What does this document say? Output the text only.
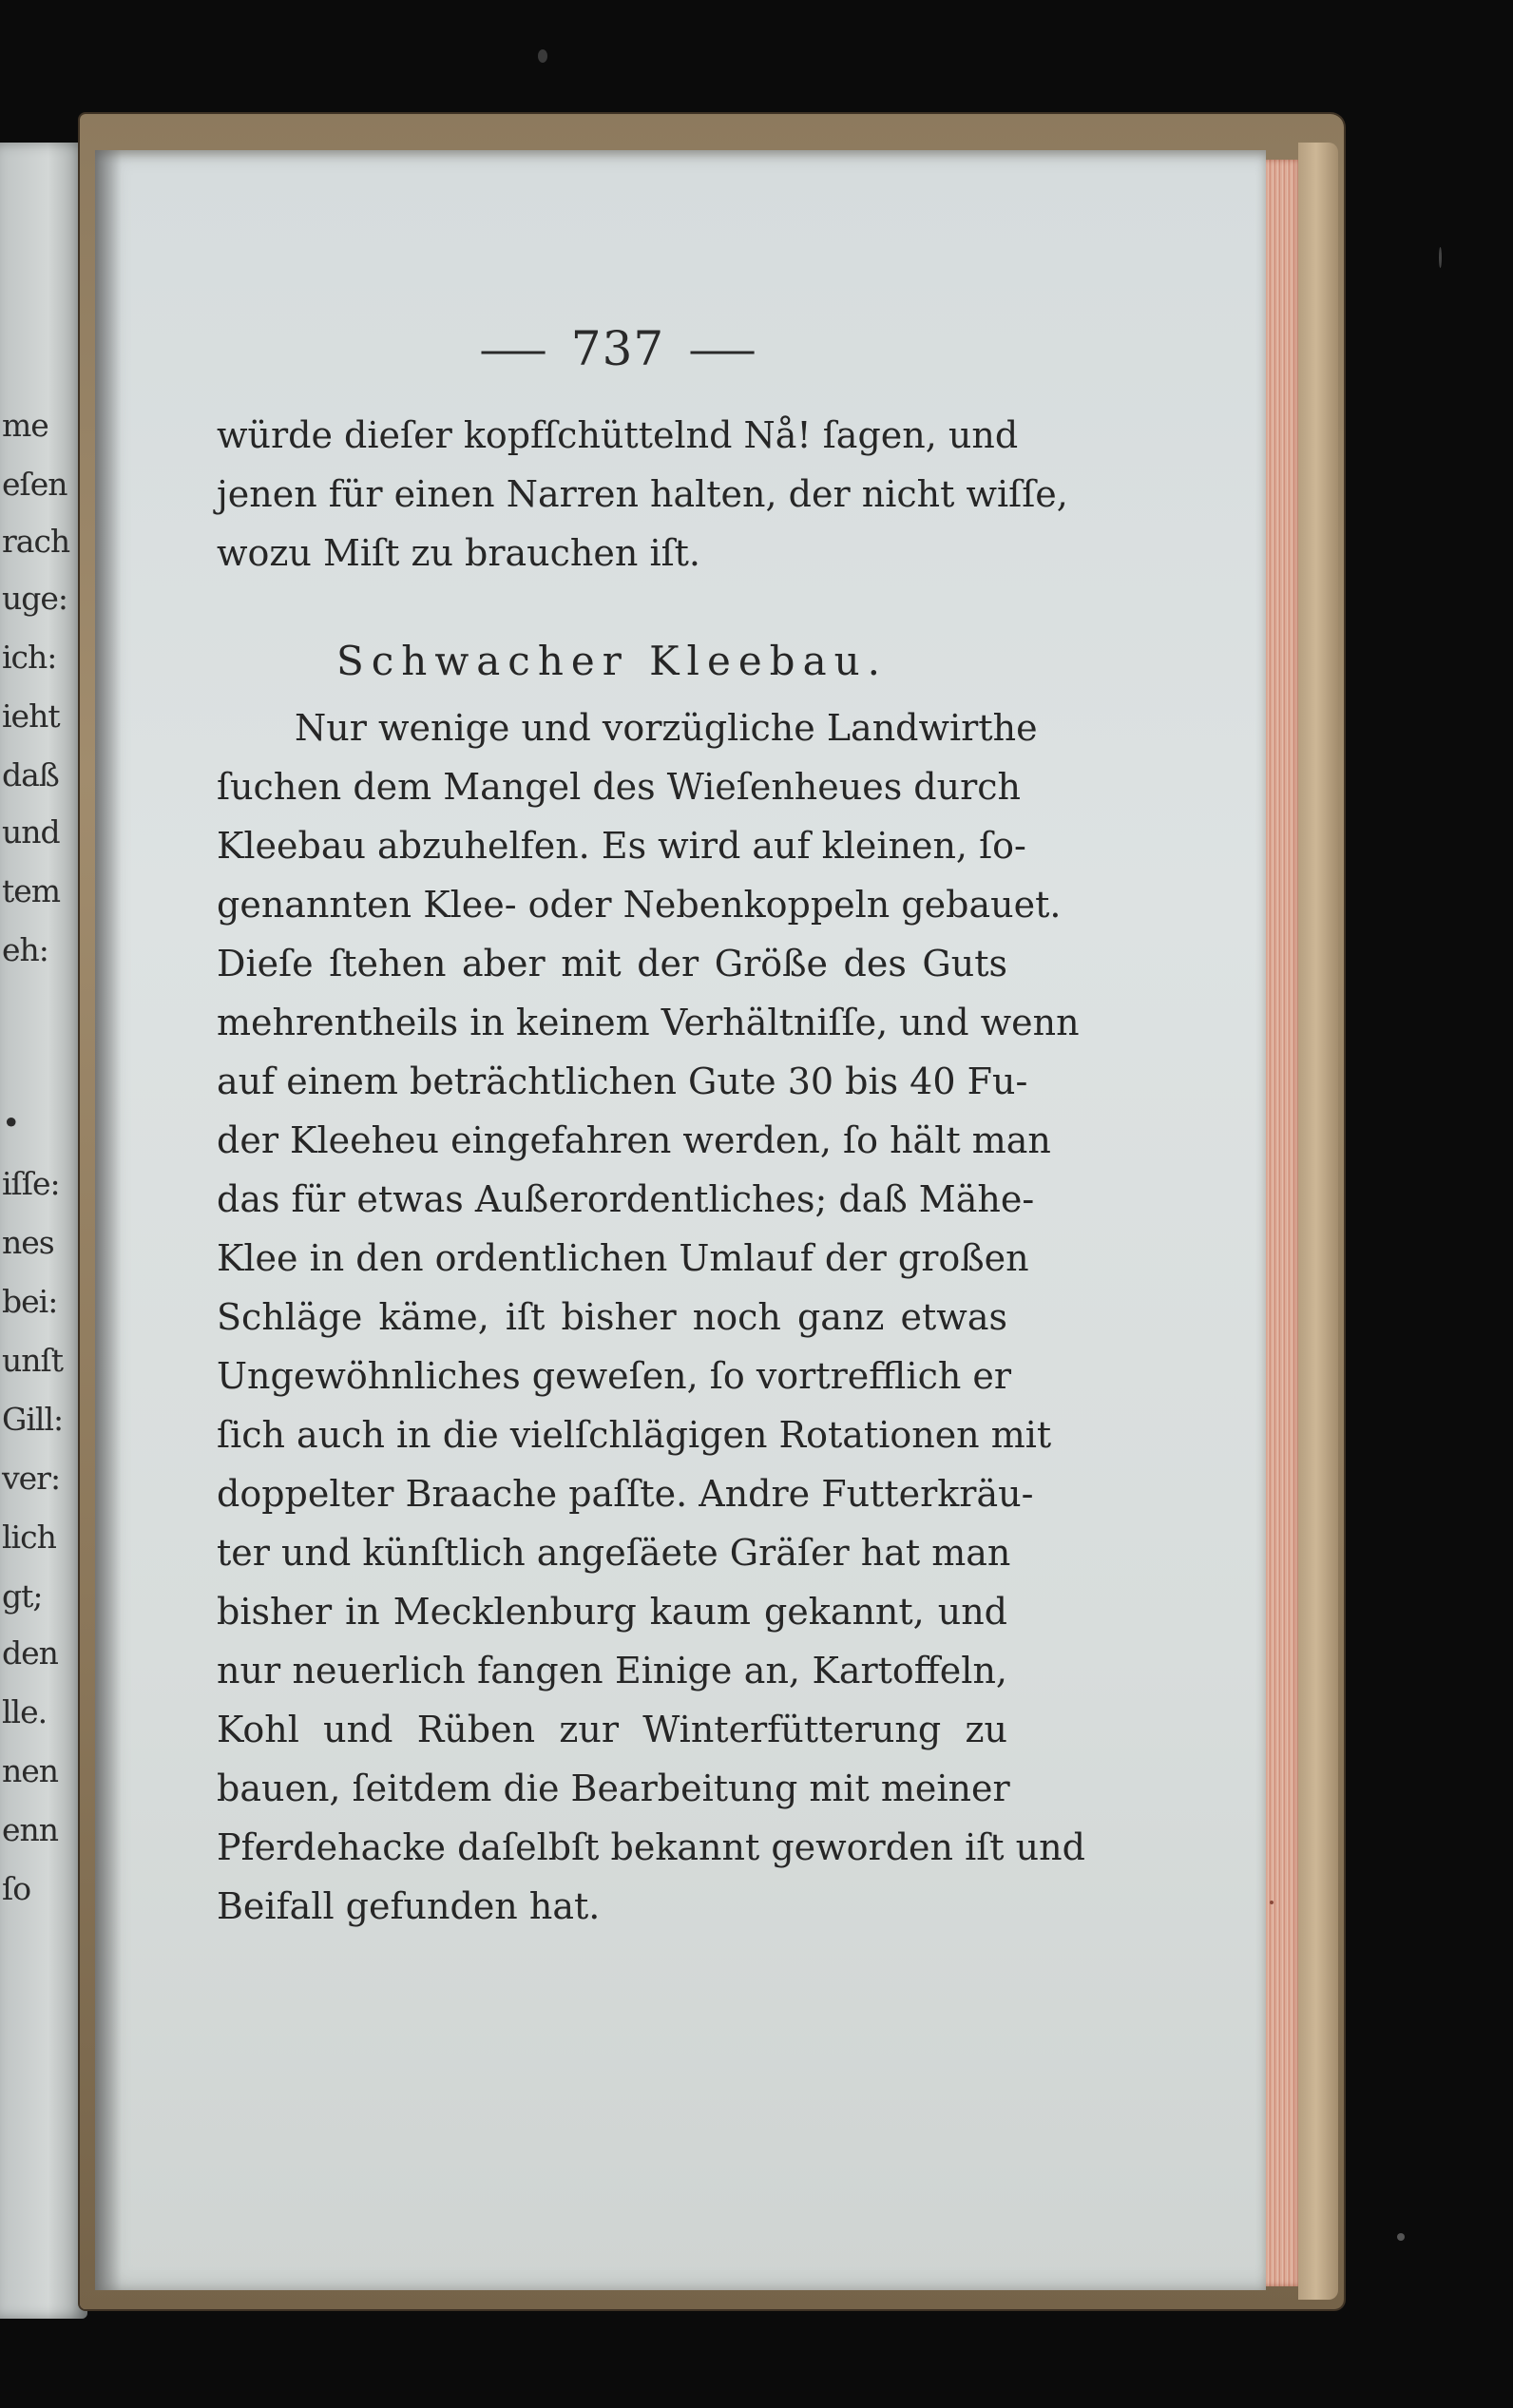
me
eſen
rach
uge:
ich:
ieht
daß
und
tem
eh:
•
iſſe:
nes
bei:
unſt
Gill:
ver:
lich
gt;
den
lle.
nen
enn
ſo
— 737 —
würde dieſer kopfſchüttelnd Nå! ſagen, und
jenen für einen Narren halten, der nicht wiſſe,
wozu Miſt zu brauchen iſt.
Schwacher Kleebau.
Nur wenige und vorzügliche Landwirthe
ſuchen dem Mangel des Wieſenheues durch
Kleebau abzuhelfen. Es wird auf kleinen, ſo-
genannten Klee- oder Nebenkoppeln gebauet.
Dieſe ſtehen aber mit der Größe des Guts
mehrentheils in keinem Verhältniſſe, und wenn
auf einem beträchtlichen Gute 30 bis 40 Fu-
der Kleeheu eingefahren werden, ſo hält man
das für etwas Außerordentliches; daß Mähe-
Klee in den ordentlichen Umlauf der großen
Schläge käme, iſt bisher noch ganz etwas
Ungewöhnliches geweſen, ſo vortrefflich er
ſich auch in die vielſchlägigen Rotationen mit
doppelter Braache paſſte. Andre Futterkräu-
ter und künſtlich angeſäete Gräſer hat man
bisher in Mecklenburg kaum gekannt, und
nur neuerlich fangen Einige an, Kartoffeln,
Kohl und Rüben zur Winterfütterung zu
bauen, ſeitdem die Bearbeitung mit meiner
Pferdehacke daſelbſt bekannt geworden iſt und
Beifall gefunden hat.
